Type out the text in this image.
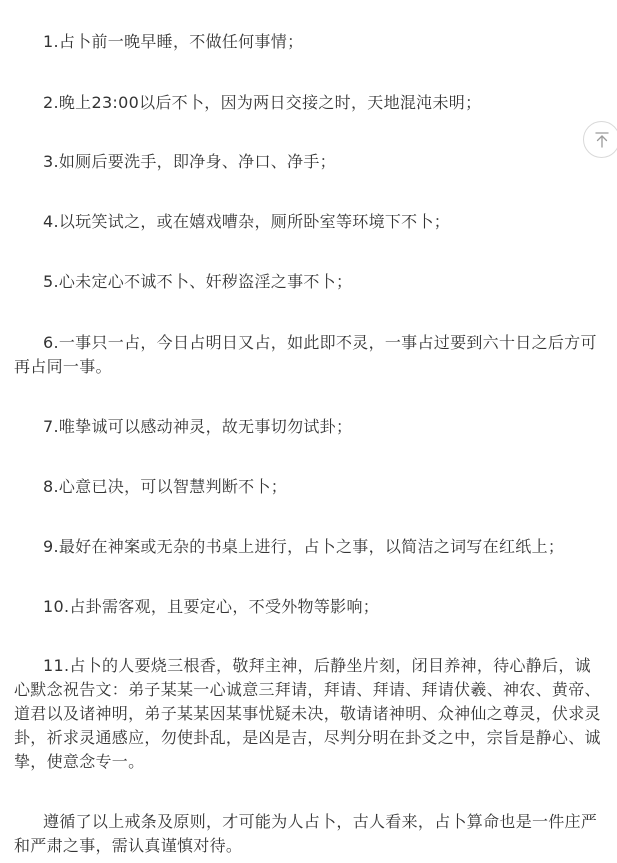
1.占卜前一晚早睡，不做任何事情；

2.晚上23:00以后不卜，因为两日交接之时，天地混沌未明；

3.如厕后要洗手，即净身、净口、净手；

4.以玩笑试之，或在嬉戏嘈杂，厕所卧室等环境下不卜；

5.心未定心不诚不卜、奸秽盗淫之事不卜；

6.一事只一占，今日占明日又占，如此即不灵，一事占过要到六十日之后方可再占同一事。

7.唯挚诚可以感动神灵，故无事切勿试卦；

8.心意已决，可以智慧判断不卜；

9.最好在神案或无杂的书桌上进行，占卜之事，以简洁之词写在红纸上；

10.占卦需客观，且要定心，不受外物等影响；

11.占卜的人要烧三根香，敬拜主神，后静坐片刻，闭目养神，待心静后，诚心默念祝告文：弟子某某一心诚意三拜请，拜请、拜请、拜请伏羲、神农、黄帝、道君以及诸神明，弟子某某因某事忧疑未决，敬请诸神明、众神仙之尊灵，伏求灵卦，祈求灵通感应，勿使卦乱，是凶是吉，尽判分明在卦爻之中，宗旨是静心、诚挚，使意念专一。

遵循了以上戒条及原则，才可能为人占卜，古人看来，占卜算命也是一件庄严和严肃之事，需认真谨慎对待。
